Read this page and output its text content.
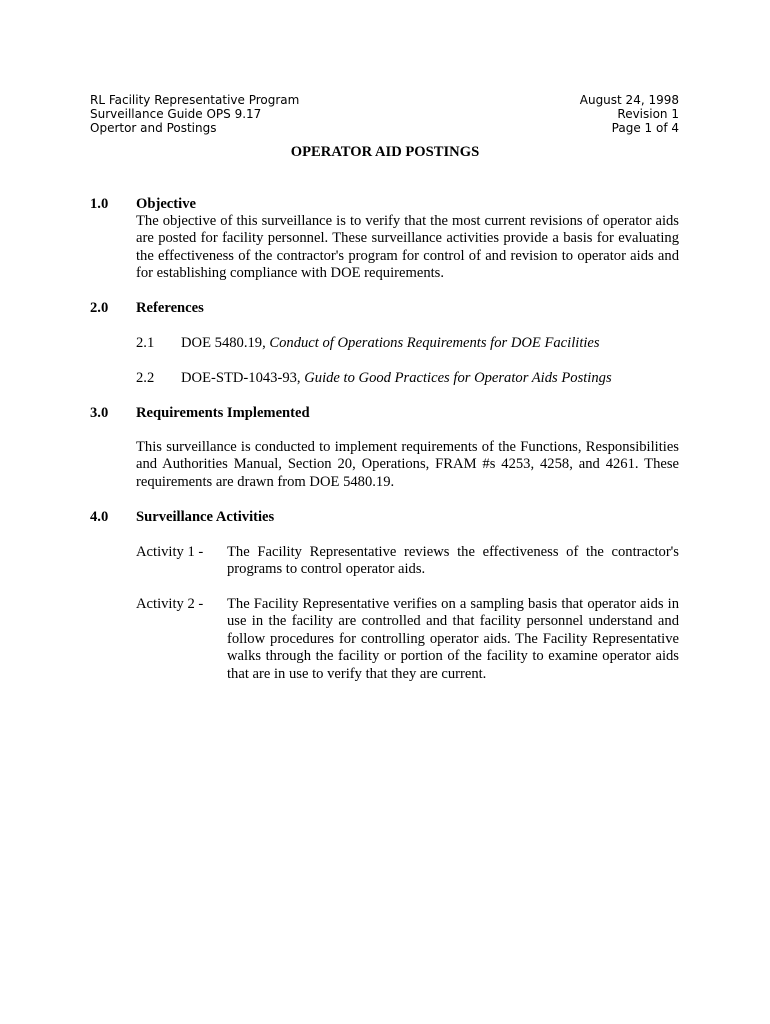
RL Facility Representative Program
Surveillance Guide OPS 9.17
Opertor and Postings
August 24, 1998
Revision 1
Page 1 of 4
OPERATOR AID POSTINGS
1.0 Objective
The objective of this surveillance is to verify that the most current revisions of operator aids are posted for facility personnel. These surveillance activities provide a basis for evaluating the effectiveness of the contractor's program for control of and revision to operator aids and for establishing compliance with DOE requirements.
2.0 References
2.1 DOE 5480.19, Conduct of Operations Requirements for DOE Facilities
2.2 DOE-STD-1043-93, Guide to Good Practices for Operator Aids Postings
3.0 Requirements Implemented
This surveillance is conducted to implement requirements of the Functions, Responsibilities and Authorities Manual, Section 20, Operations, FRAM #s 4253, 4258, and 4261. These requirements are drawn from DOE 5480.19.
4.0 Surveillance Activities
Activity 1 - The Facility Representative reviews the effectiveness of the contractor's programs to control operator aids.
Activity 2 - The Facility Representative verifies on a sampling basis that operator aids in use in the facility are controlled and that facility personnel understand and follow procedures for controlling operator aids. The Facility Representative walks through the facility or portion of the facility to examine operator aids that are in use to verify that they are current.
